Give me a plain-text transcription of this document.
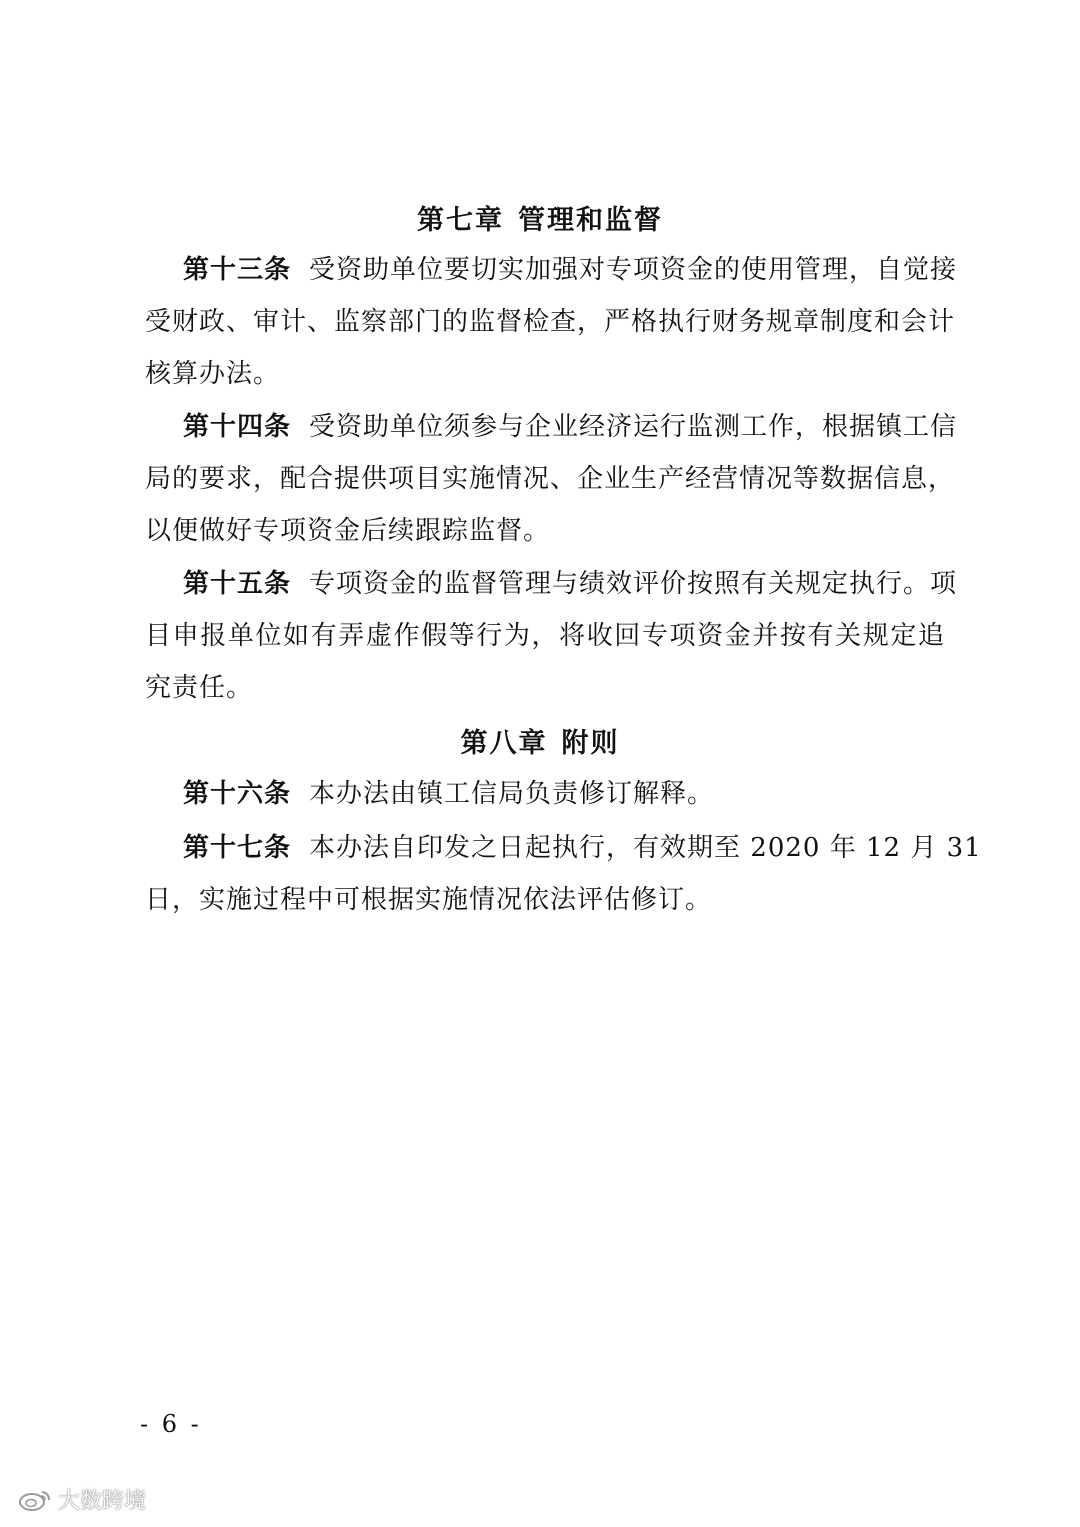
第七章 管理和监督
第十三条 受资助单位要切实加强对专项资金的使用管理，自觉接
受财政、审计、监察部门的监督检查，严格执行财务规章制度和会计
核算办法。
第十四条 受资助单位须参与企业经济运行监测工作，根据镇工信
局的要求，配合提供项目实施情况、企业生产经营情况等数据信息，
以便做好专项资金后续跟踪监督。
第十五条 专项资金的监督管理与绩效评价按照有关规定执行。项
目申报单位如有弄虚作假等行为，将收回专项资金并按有关规定追
究责任。
第八章 附则
第十六条 本办法由镇工信局负责修订解释。
第十七条 本办法自印发之日起执行，有效期至 2020 年 12 月 31
日，实施过程中可根据实施情况依法评估修订。
- 6 -
大数跨境
